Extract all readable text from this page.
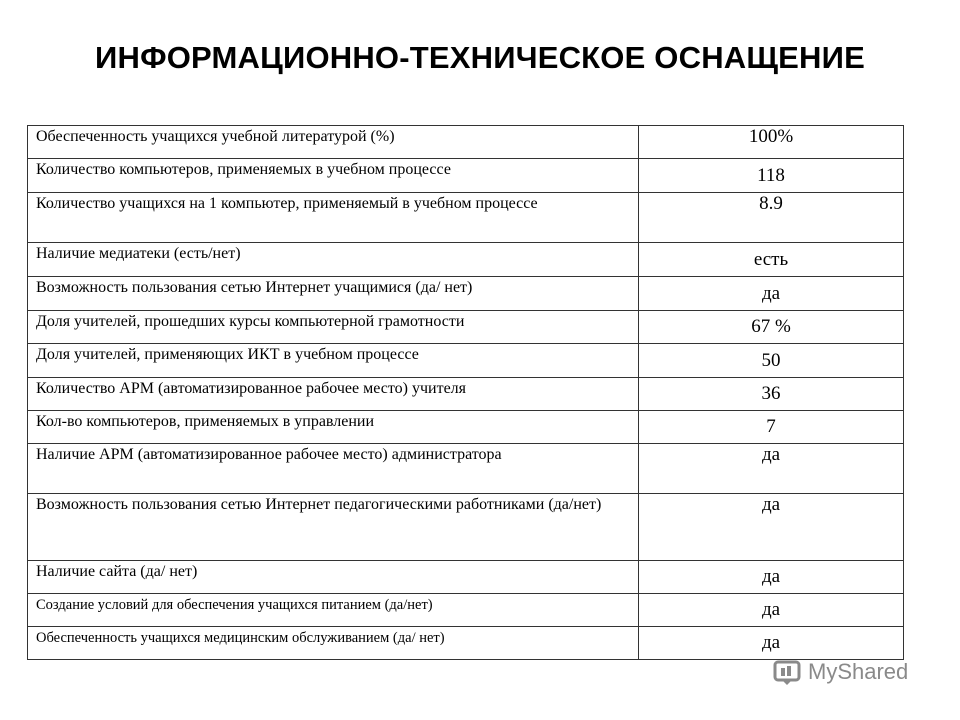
ИНФОРМАЦИОННО-ТЕХНИЧЕСКОЕ ОСНАЩЕНИЕ
Обеспеченность учащихся учебной литературой (%)	100%
Количество компьютеров, применяемых в учебном процессе	118
Количество учащихся на 1 компьютер, применяемый в учебном процессе	8.9
Наличие медиатеки (есть/нет)	есть
Возможность пользования сетью Интернет учащимися (да/ нет)	да
Доля учителей, прошедших курсы компьютерной грамотности	67 %
Доля учителей, применяющих ИКТ в учебном процессе	50
Количество АРМ (автоматизированное рабочее место) учителя	36
Кол-во компьютеров, применяемых в управлении	7
Наличие АРМ (автоматизированное рабочее место) администратора	да
Возможность пользования сетью Интернет педагогическими работниками (да/нет)	да
Наличие сайта (да/ нет)	да
Создание условий для обеспечения учащихся питанием (да/нет)	да
Обеспеченность учащихся медицинским обслуживанием (да/ нет)	да
MyShared
